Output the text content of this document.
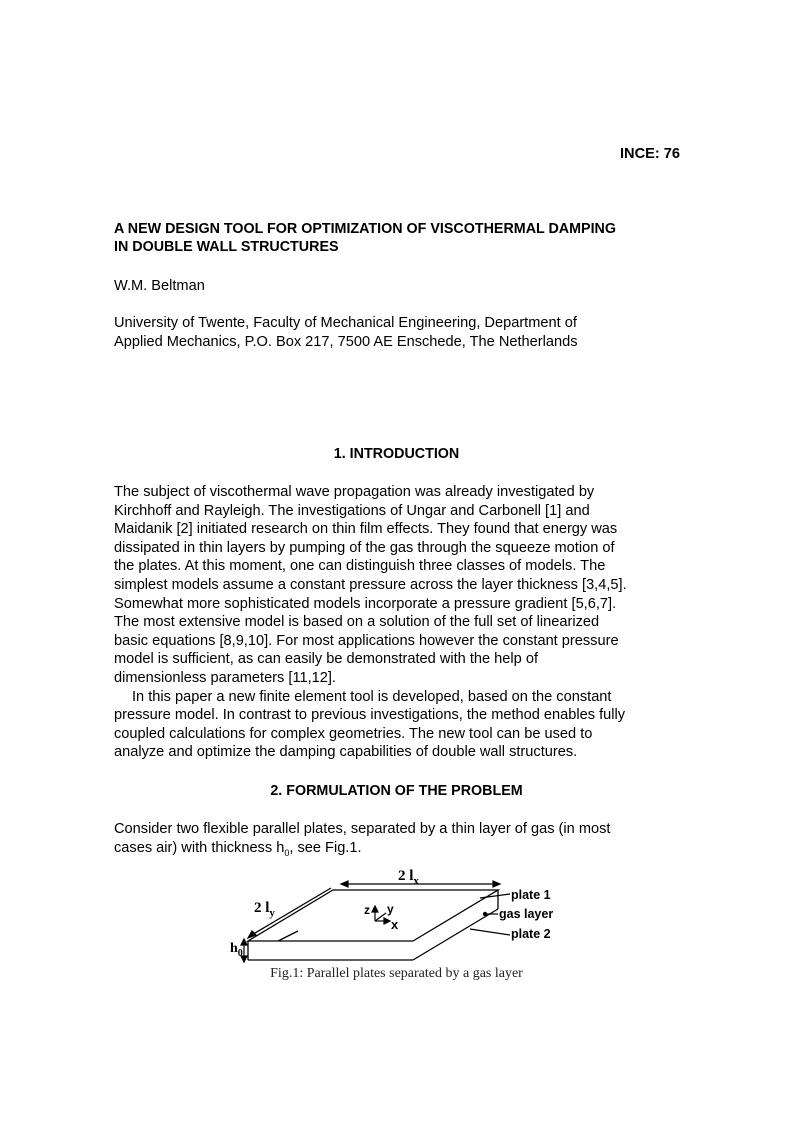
INCE: 76
A NEW DESIGN TOOL FOR OPTIMIZATION OF VISCOTHERMAL DAMPING
IN DOUBLE WALL STRUCTURES
W.M. Beltman
University of Twente, Faculty of Mechanical Engineering, Department of
Applied Mechanics, P.O. Box 217, 7500 AE Enschede, The Netherlands
1. INTRODUCTION
The subject of viscothermal wave propagation was already investigated by
Kirchhoff and Rayleigh. The investigations of Ungar and Carbonell [1] and
Maidanik [2] initiated research on thin film effects. They found that energy was
dissipated in thin layers by pumping of the gas through the squeeze motion of
the plates. At this moment, one can distinguish three classes of models. The
simplest models assume a constant pressure across the layer thickness [3,4,5].
Somewhat more sophisticated models incorporate a pressure gradient [5,6,7].
The most extensive model is based on a solution of the full set of linearized
basic equations [8,9,10]. For most applications however the constant pressure
model is sufficient, as can easily be demonstrated with the help of
dimensionless parameters [11,12].
In this paper a new finite element tool is developed, based on the constant
pressure model. In contrast to previous investigations, the method enables fully
coupled calculations for complex geometries. The new tool can be used to
analyze and optimize the damping capabilities of double wall structures.
2. FORMULATION OF THE PROBLEM
Consider two flexible parallel plates, separated by a thin layer of gas (in most
cases air) with thickness $h_0$, see Fig.1.
2 $l_x$
2 $l_y$
$h_0$
z y
x
plate 1
gas layer
plate 2
Fig.1: Parallel plates separated by a gas layer
